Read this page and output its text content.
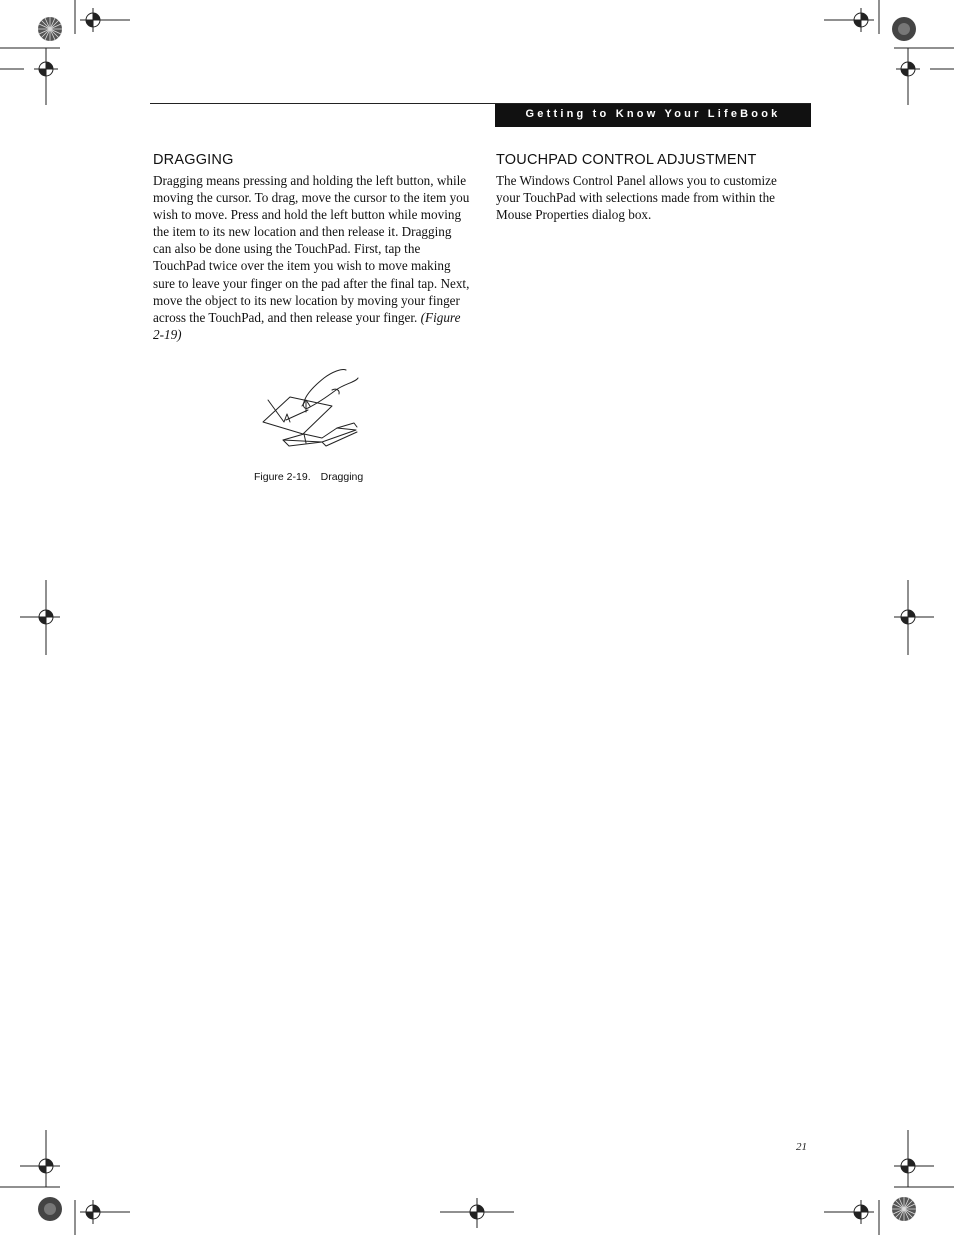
Getting to Know Your LifeBook
DRAGGING

Dragging means pressing and holding the left button, while moving the cursor. To drag, move the cursor to the item you wish to move. Press and hold the left button while moving the item to its new location and then release it. Dragging can also be done using the TouchPad. First, tap the TouchPad twice over the item you wish to move making sure to leave your finger on the pad after the final tap. Next, move the object to its new location by moving your finger across the TouchPad, and then release your finger. (Figure 2-19)

Figure 2-19. Dragging
TOUCHPAD CONTROL ADJUSTMENT

The Windows Control Panel allows you to customize your TouchPad with selections made from within the Mouse Properties dialog box.

21
